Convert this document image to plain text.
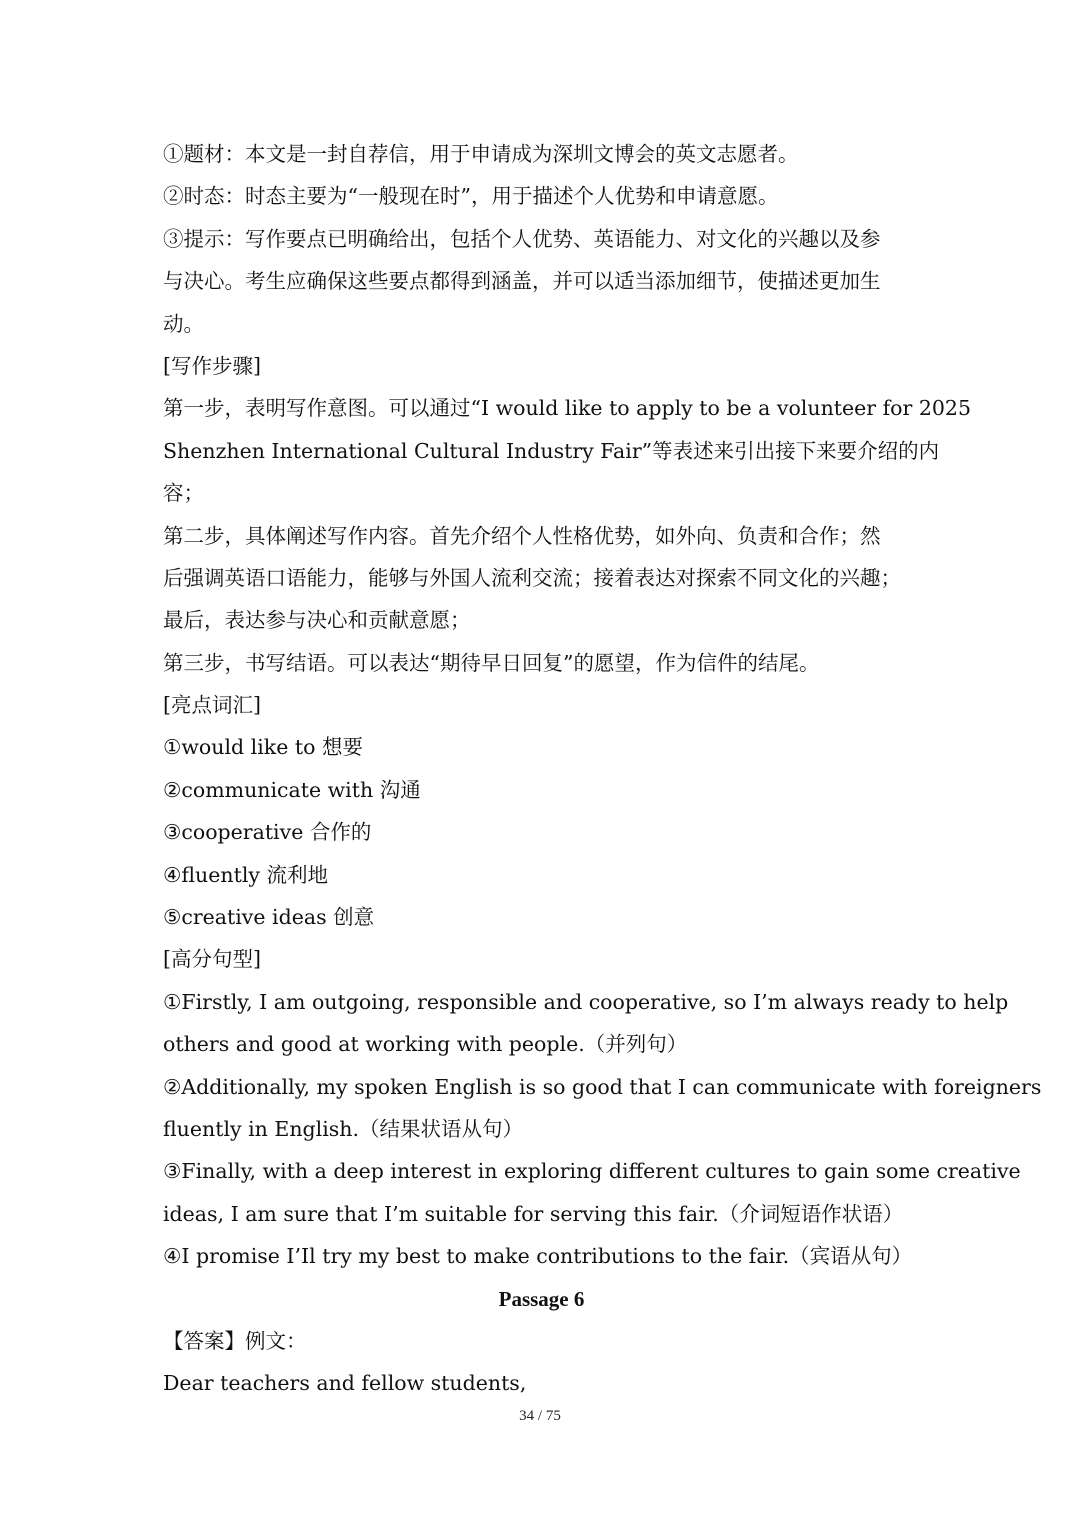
①题材：本文是一封自荐信，用于申请成为深圳文博会的英文志愿者。
②时态：时态主要为“一般现在时”，用于描述个人优势和申请意愿。
③提示：写作要点已明确给出，包括个人优势、英语能力、对文化的兴趣以及参
与决心。考生应确保这些要点都得到涵盖，并可以适当添加细节，使描述更加生
动。
[写作步骤]
第一步，表明写作意图。可以通过“I would like to apply to be a volunteer for 2025
Shenzhen International Cultural Industry Fair”等表述来引出接下来要介绍的内
容；
第二步，具体阐述写作内容。首先介绍个人性格优势，如外向、负责和合作；然
后强调英语口语能力，能够与外国人流利交流；接着表达对探索不同文化的兴趣；
最后，表达参与决心和贡献意愿；
第三步，书写结语。可以表达“期待早日回复”的愿望，作为信件的结尾。
[亮点词汇]
①would like to 想要
②communicate with 沟通
③cooperative 合作的
④fluently 流利地
⑤creative ideas 创意
[高分句型]
①Firstly, I am outgoing, responsible and cooperative, so I’m always ready to help
others and good at working with people.（并列句）
②Additionally, my spoken English is so good that I can communicate with foreigners
fluently in English.（结果状语从句）
③Finally, with a deep interest in exploring different cultures to gain some creative
ideas, I am sure that I’m suitable for serving this fair.（介词短语作状语）
④I promise I’Il try my best to make contributions to the fair.（宾语从句）
Passage 6
【答案】例文：
Dear teachers and fellow students,
34 / 75
